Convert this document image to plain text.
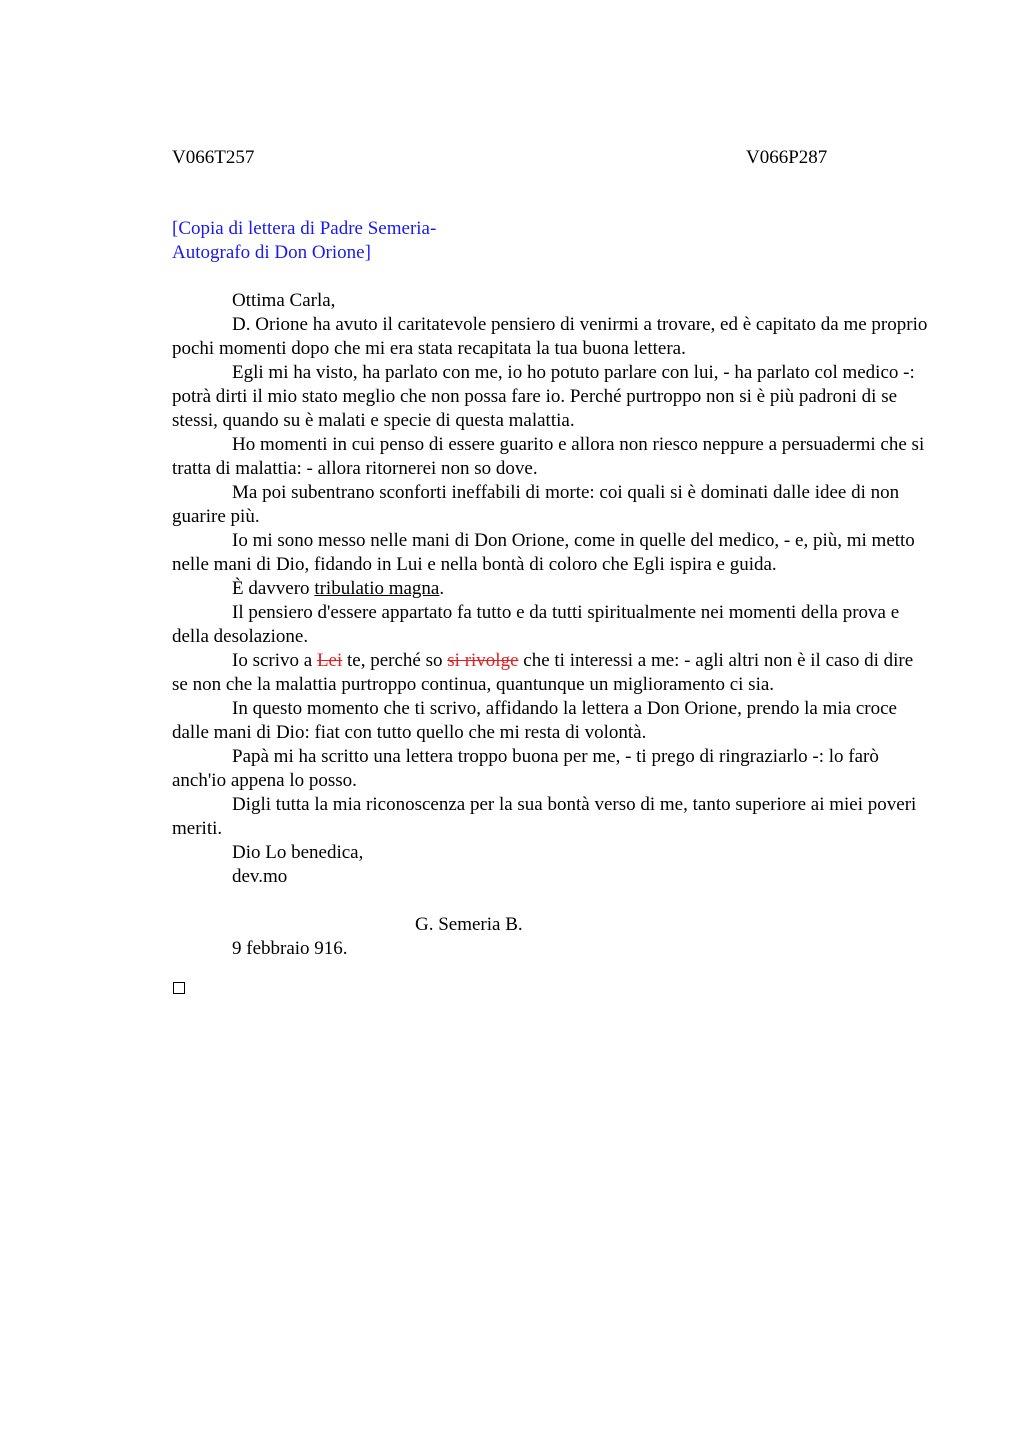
V066T257	V066P287
[Copia di lettera di Padre Semeria-
Autografo di Don Orione]

Ottima Carla,

D. Orione ha avuto il caritatevole pensiero di venirmi a trovare, ed è capitato da me proprio pochi momenti dopo che mi era stata recapitata la tua buona lettera.

Egli mi ha visto, ha parlato con me, io ho potuto parlare con lui, - ha parlato col medico -: potrà dirti il mio stato meglio che non possa fare io. Perché purtroppo non si è più padroni di se stessi, quando su è malati e specie di questa malattia.

Ho momenti in cui penso di essere guarito e allora non riesco neppure a persuadermi che si tratta di malattia: - allora ritornerei non so dove.

Ma poi subentrano sconforti ineffabili di morte: coi quali si è dominati dalle idee di non guarire più.

Io mi sono messo nelle mani di Don Orione, come in quelle del medico, - e, più, mi metto nelle mani di Dio, fidando in Lui e nella bontà di coloro che Egli ispira e guida.

È davvero tribulatio magna.

Il pensiero d'essere appartato fa tutto e da tutti spiritualmente nei momenti della prova e della desolazione.

Io scrivo a Lei te, perché so si rivolge che ti interessi a me: - agli altri non è il caso di dire se non che la malattia purtroppo continua, quantunque un miglioramento ci sia.

In questo momento che ti scrivo, affidando la lettera a Don Orione, prendo la mia croce dalle mani di Dio: fiat con tutto quello che mi resta di volontà.

Papà mi ha scritto una lettera troppo buona per me, - ti prego di ringraziarlo -: lo farò anch'io appena lo posso.

Digli tutta la mia riconoscenza per la sua bontà verso di me, tanto superiore ai miei poveri meriti.

Dio Lo benedica,

dev.mo

G. Semeria B.

9 febbraio 916.
